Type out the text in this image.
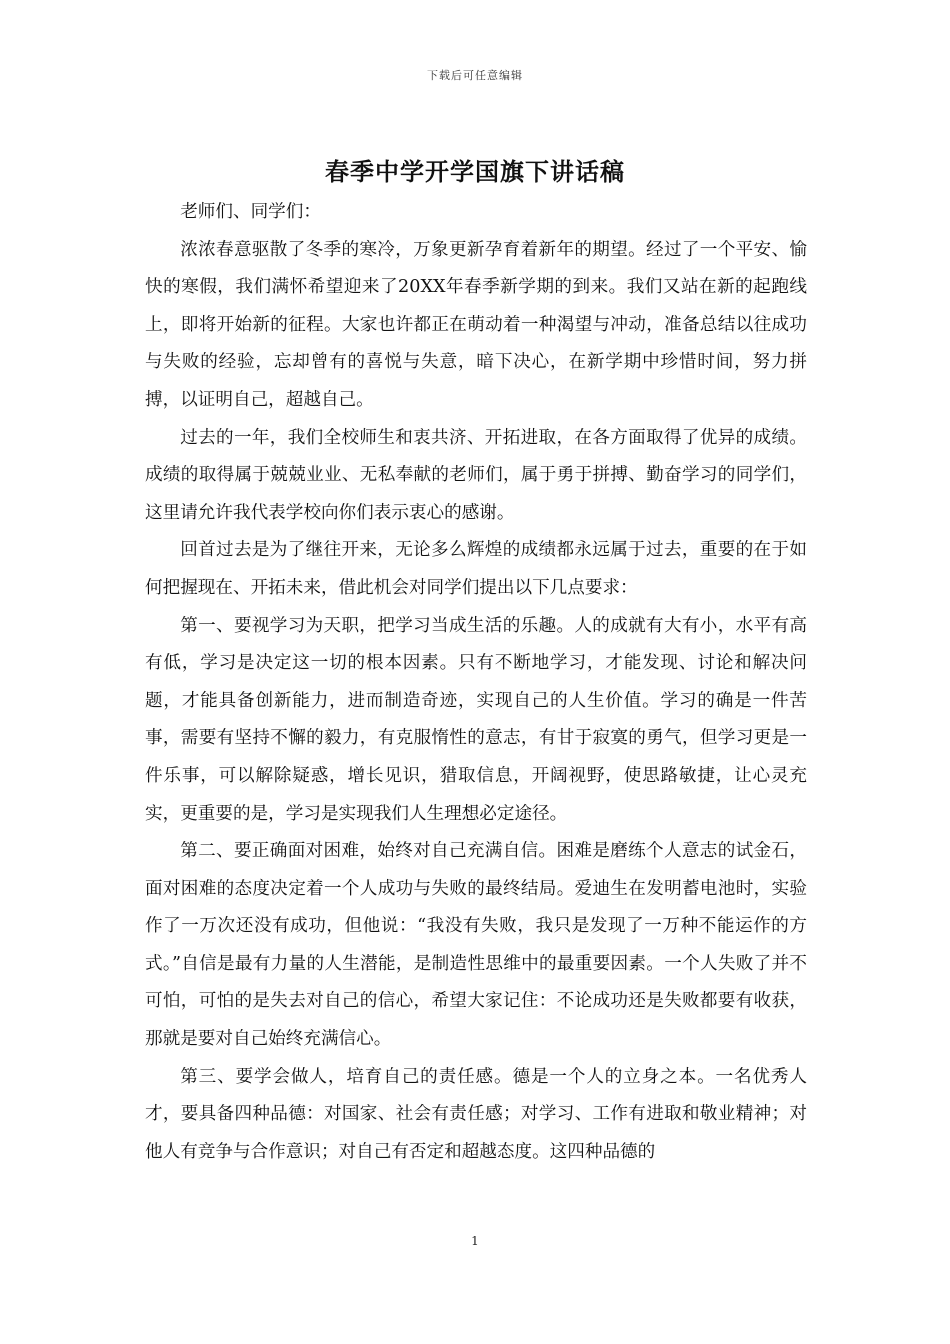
下载后可任意编辑
春季中学开学国旗下讲话稿

老师们、同学们：

浓浓春意驱散了冬季的寒冷，万象更新孕育着新年的期望。经过了一个平安、愉快的寒假，我们满怀希望迎来了20XX年春季新学期的到来。我们又站在新的起跑线上，即将开始新的征程。大家也许都正在萌动着一种渴望与冲动，准备总结以往成功与失败的经验，忘却曾有的喜悦与失意，暗下决心，在新学期中珍惜时间，努力拼搏，以证明自己，超越自己。

过去的一年，我们全校师生和衷共济、开拓进取，在各方面取得了优异的成绩。成绩的取得属于兢兢业业、无私奉献的老师们，属于勇于拼搏、勤奋学习的同学们，这里请允许我代表学校向你们表示衷心的感谢。

回首过去是为了继往开来，无论多么辉煌的成绩都永远属于过去，重要的在于如何把握现在、开拓未来，借此机会对同学们提出以下几点要求：

第一、要视学习为天职，把学习当成生活的乐趣。人的成就有大有小，水平有高有低，学习是决定这一切的根本因素。只有不断地学习，才能发现、讨论和解决问题，才能具备创新能力，进而制造奇迹，实现自己的人生价值。学习的确是一件苦事，需要有坚持不懈的毅力，有克服惰性的意志，有甘于寂寞的勇气，但学习更是一件乐事，可以解除疑惑，增长见识，猎取信息，开阔视野，使思路敏捷，让心灵充实，更重要的是，学习是实现我们人生理想必定途径。

第二、要正确面对困难，始终对自己充满自信。困难是磨练个人意志的试金石，面对困难的态度决定着一个人成功与失败的最终结局。爱迪生在发明蓄电池时，实验作了一万次还没有成功，但他说：“我没有失败，我只是发现了一万种不能运作的方式。”自信是最有力量的人生潜能，是制造性思维中的最重要因素。一个人失败了并不可怕，可怕的是失去对自己的信心，希望大家记住：不论成功还是失败都要有收获，那就是要对自己始终充满信心。

第三、要学会做人，培育自己的责任感。德是一个人的立身之本。一名优秀人才，要具备四种品德：对国家、社会有责任感；对学习、工作有进取和敬业精神；对他人有竞争与合作意识；对自己有否定和超越态度。这四种品德的

1
